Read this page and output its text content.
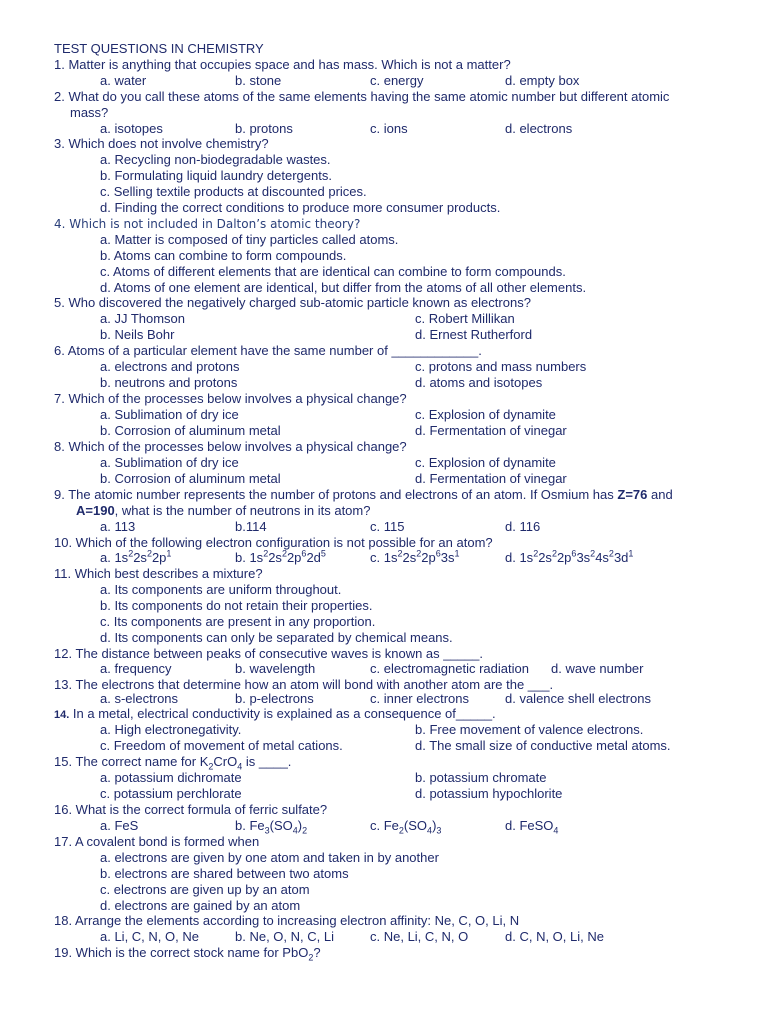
TEST QUESTIONS IN CHEMISTRY
1. Matter is anything that occupies space and has mass. Which is not a matter?
a. water	b. stone	c. energy	d. empty box
2. What do you call these atoms of the same elements having the same atomic number but different atomic
mass?
a. isotopes	b. protons	c. ions	d. electrons
3. Which does not involve chemistry?
a. Recycling non-biodegradable wastes.
b. Formulating liquid laundry detergents.
c. Selling textile products at discounted prices.
d. Finding the correct conditions to produce more consumer products.
4. Which is not included in Dalton’s atomic theory?
a. Matter is composed of tiny particles called atoms.
b. Atoms can combine to form compounds.
c. Atoms of different elements that are identical can combine to form compounds.
d. Atoms of one element are identical, but differ from the atoms of all other elements.
5. Who discovered the negatively charged sub-atomic particle known as electrons?
a. JJ Thomson	c. Robert Millikan
b. Neils Bohr	d. Ernest Rutherford
6. Atoms of a particular element have the same number of ____________.
a. electrons and protons	c. protons and mass numbers
b. neutrons and protons	d. atoms and isotopes
7. Which of the processes below involves a physical change?
a. Sublimation of dry ice	c. Explosion of dynamite
b. Corrosion of aluminum metal	d. Fermentation of vinegar
8. Which of the processes below involves a physical change?
a. Sublimation of dry ice	c. Explosion of dynamite
b. Corrosion of aluminum metal	d. Fermentation of vinegar
9. The atomic number represents the number of protons and electrons of an atom. If Osmium has Z=76 and
A=190, what is the number of neutrons in its atom?
a. 113	b.114	c. 115	d. 116
10. Which of the following electron configuration is not possible for an atom?
a. $1s^22s^22p^1$	b. $1s^22s^22p^62d^5$	c. $1s^22s^22p^63s^1$	d. $1s^22s^22p^63s^24s^23d^1$
11. Which best describes a mixture?
a. Its components are uniform throughout.
b. Its components do not retain their properties.
c. Its components are present in any proportion.
d. Its components can only be separated by chemical means.
12. The distance between peaks of consecutive waves is known as _____.
a. frequency	b. wavelength	c. electromagnetic radiation d. wave number
13. The electrons that determine how an atom will bond with another atom are the ___.
a. s-electrons	b. p-electrons	c. inner electrons	d. valence shell electrons
14. In a metal, electrical conductivity is explained as a consequence of_____.
a. High electronegativity.	b. Free movement of valence electrons.
c. Freedom of movement of metal cations.	d. The small size of conductive metal atoms.
15. The correct name for $K_2CrO_4$ is ____.
a. potassium dichromate	b. potassium chromate
c. potassium perchlorate	d. potassium hypochlorite
16. What is the correct formula of ferric sulfate?
a. FeS	b. $Fe_3(SO_4)_2$	c. $Fe_2(SO_4)_3$	d. FeSO$_4$
17. A covalent bond is formed when
a. electrons are given by one atom and taken in by another
b. electrons are shared between two atoms
c. electrons are given up by an atom
d. electrons are gained by an atom
18. Arrange the elements according to increasing electron affinity: Ne, C, O, Li, N
a. Li, C, N, O, Ne	b. Ne, O, N, C, Li	c. Ne, Li, C, N, O	d. C, N, O, Li, Ne
19. Which is the correct stock name for PbO$_2$?
